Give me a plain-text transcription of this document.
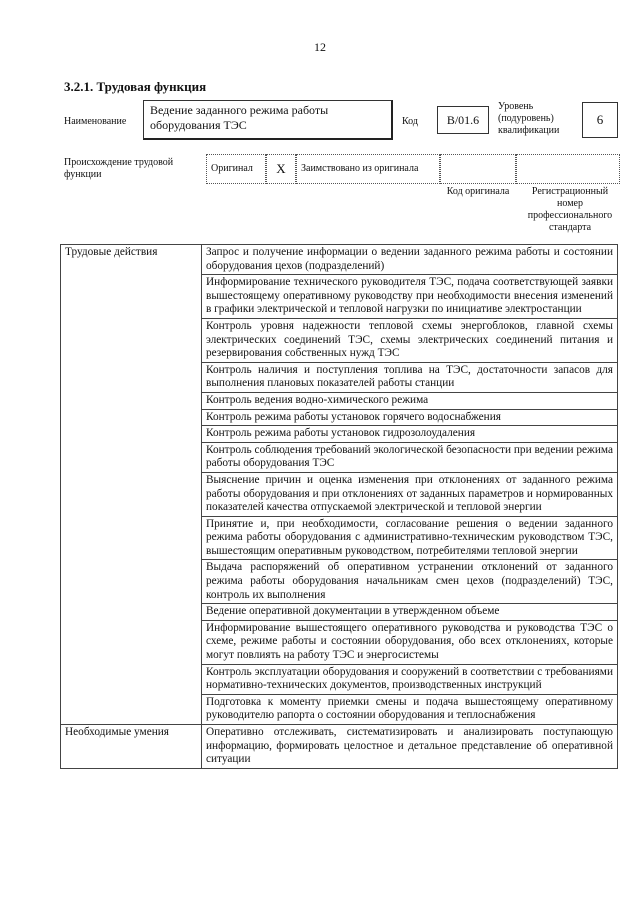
12
3.2.1. Трудовая функция
Наименование
Ведение заданного режима работы оборудования ТЭС	Код	В/01.6
Уровень (подуровень) квалификации
6
Происхождение трудовой функции
Оригинал	X	Заимствовано из оригинала
Код оригинала	Регистрационный номер профессионального стандарта
Трудовые действия	Запрос и получение информации о ведении заданного режима работы и состоянии оборудования цехов (подразделений)
	Информирование технического руководителя ТЭС, подача соответствующей заявки вышестоящему оперативному руководству при необходимости внесения изменений в графики электрической и тепловой нагрузки по инициативе электростанции
	Контроль уровня надежности тепловой схемы энергоблоков, главной схемы электрических соединений ТЭС, схемы электрических соединений питания и резервирования собственных нужд ТЭС
	Контроль наличия и поступления топлива на ТЭС, достаточности запасов для выполнения плановых показателей работы станции
	Контроль ведения водно-химического режима
	Контроль режима работы установок горячего водоснабжения
	Контроль режима работы установок гидрозолоудаления
	Контроль соблюдения требований экологической безопасности при ведении режима работы оборудования ТЭС
	Выяснение причин и оценка изменения при отклонениях от заданного режима работы оборудования и при отклонениях от заданных параметров и нормированных показателей качества отпускаемой электрической и тепловой энергии
	Принятие и, при необходимости, согласование решения о ведении заданного режима работы оборудования с административно-техническим руководством ТЭС, вышестоящим оперативным руководством, потребителями тепловой энергии
	Выдача распоряжений об оперативном устранении отклонений от заданного режима работы оборудования начальникам смен цехов (подразделений) ТЭС, контроль их выполнения
	Ведение оперативной документации в утвержденном объеме
	Информирование вышестоящего оперативного руководства и руководства ТЭС о схеме, режиме работы и состоянии оборудования, обо всех отклонениях, которые могут повлиять на работу ТЭС и энергосистемы
	Контроль эксплуатации оборудования и сооружений в соответствии с требованиями нормативно-технических документов, производственных инструкций
	Подготовка к моменту приемки смены и подача вышестоящему оперативному руководителю рапорта о состоянии оборудования и теплоснабжения
Необходимые умения	Оперативно отслеживать, систематизировать и анализировать поступающую информацию, формировать целостное и детальное представление об оперативной ситуации
